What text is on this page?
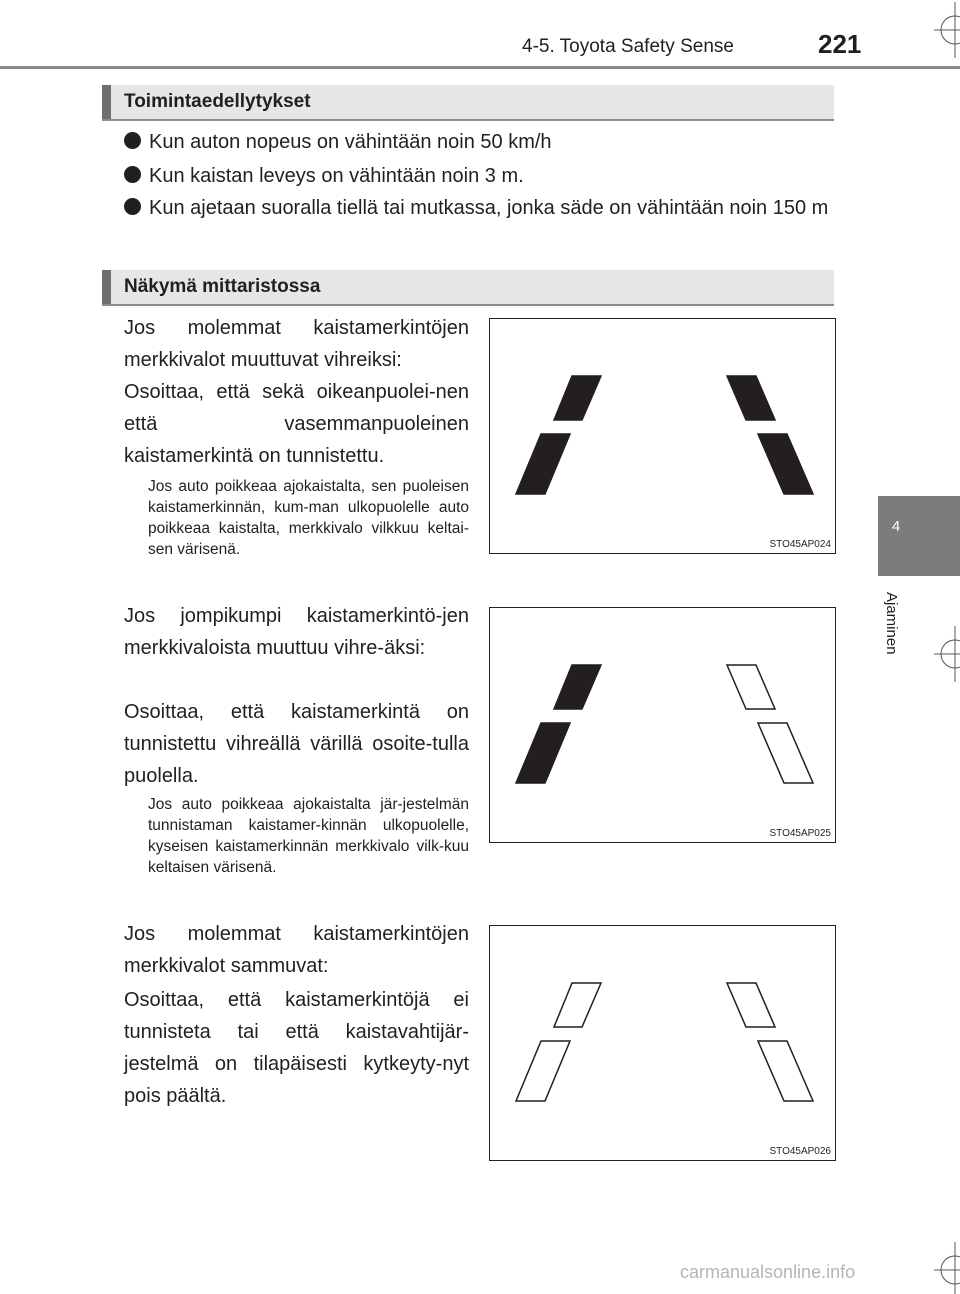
4-5. Toyota Safety Sense	221
4
Ajaminen
Toimintaedellytykset
Kun auton nopeus on vähintään noin 50 km/h
Kun kaistan leveys on vähintään noin 3 m.
Kun ajetaan suoralla tiellä tai mutkassa, jonka säde on vähintään noin 150 m
Näkymä mittaristossa
Jos molemmat kaistamerkintöjen merkkivalot muuttuvat vihreiksi:
Osoittaa, että sekä oikeanpuolei-nen että vasemmanpuoleinen kaistamerkintä on tunnistettu.
Jos auto poikkeaa ajokaistalta, sen puoleisen kaistamerkinnän, kum-man ulkopuolelle auto poikkeaa kaistalta, merkkivalo vilkkuu keltai-sen värisenä.
Jos jompikumpi kaistamerkintö-jen merkkivaloista muuttuu vihre-äksi:
Osoittaa, että kaistamerkintä on tunnistettu vihreällä värillä osoite-tulla puolella.
Jos auto poikkeaa ajokaistalta jär-jestelmän tunnistaman kaistamer-kinnän ulkopuolelle, kyseisen kaistamerkinnän merkkivalo vilk-kuu keltaisen värisenä.
Jos molemmat kaistamerkintöjen merkkivalot sammuvat:
Osoittaa, että kaistamerkintöjä ei tunnisteta tai että kaistavahtijär-jestelmä on tilapäisesti kytkeyty-nyt pois päältä.
STO45AP024
STO45AP025
STO45AP026
carmanualsonline.info
